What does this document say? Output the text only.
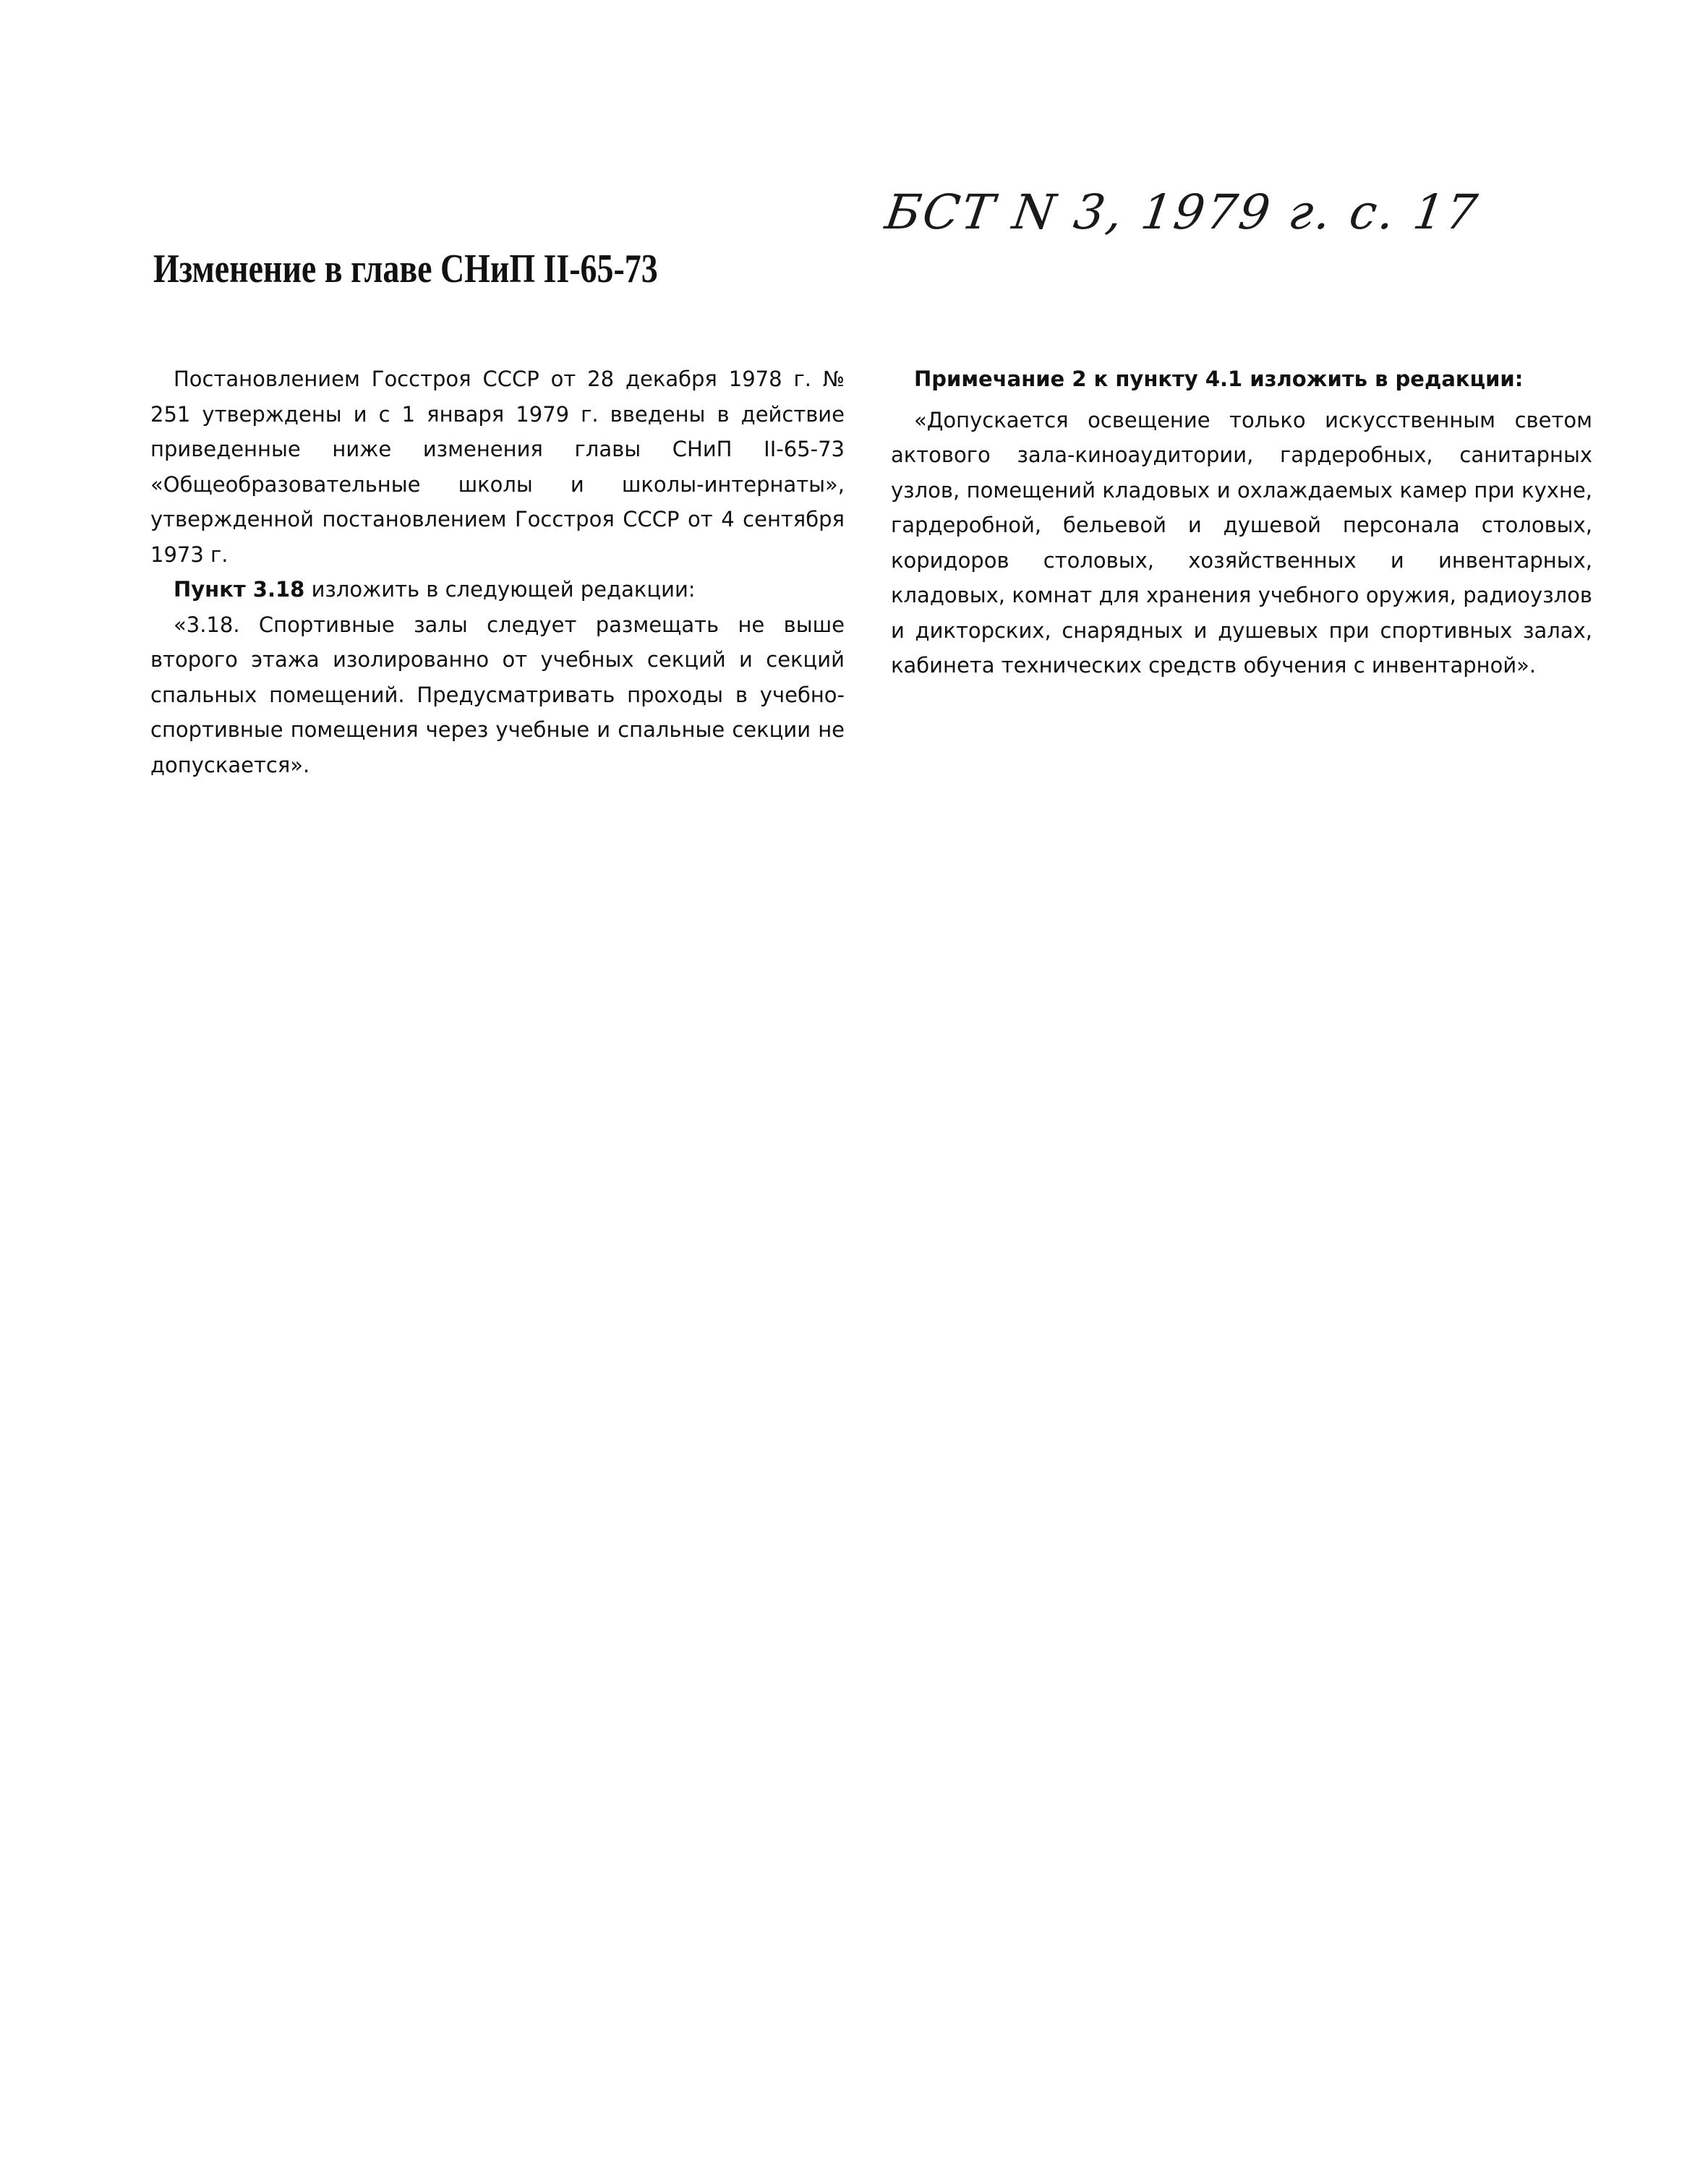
БСТ N 3, 1979 г. с. 17
Изменение в главе СНиП II-65-73

Постановлением Госстроя СССР от 28 декабря 1978 г. № 251 утверждены и с 1 января 1979 г. введены в действие приведенные ниже изменения главы СНиП II-65-73 «Общеобразовательные школы и школы-интернаты», утвержденной постановлением Госстроя СССР от 4 сентября 1973 г.

Пункт 3.18 изложить в следующей редакции:

«3.18. Спортивные залы следует размещать не выше второго этажа изолированно от учебных секций и секций спальных помещений. Предусматривать проходы в учебно-спортивные помещения через учебные и спальные секции не допускается».

Примечание 2 к пункту 4.1 изложить в редакции:

«Допускается освещение только искусственным светом актового зала-киноаудитории, гардеробных, санитарных узлов, помещений кладовых и охлаждаемых камер при кухне, гардеробной, бельевой и душевой персонала столовых, коридоров столовых, хозяйственных и инвентарных, кладовых, комнат для хранения учебного оружия, радиоузлов и дикторских, снарядных и душевых при спортивных залах, кабинета технических средств обучения с инвентарной».
